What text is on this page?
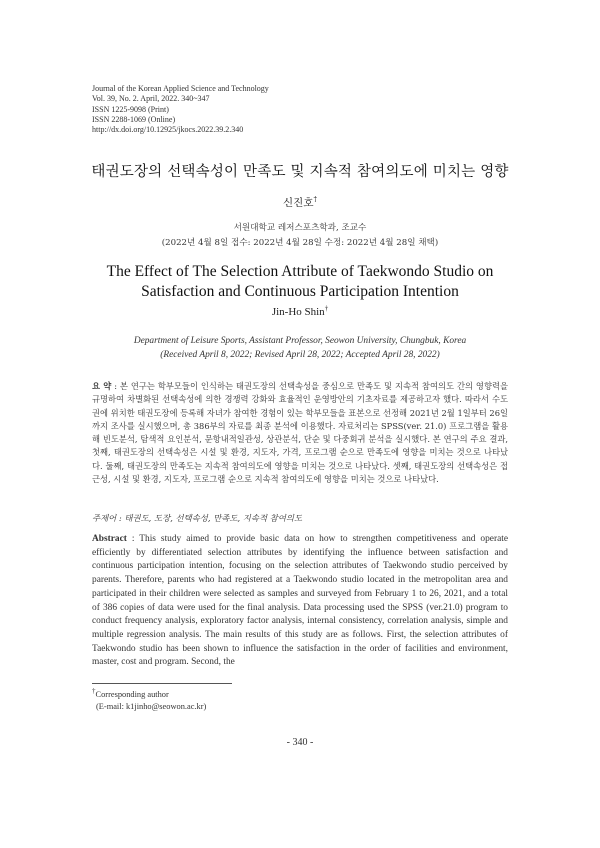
Journal of the Korean Applied Science and Technology
Vol. 39, No. 2. April, 2022. 340~347
ISSN 1225-9098 (Print)
ISSN 2288-1069 (Online)
http://dx.doi.org/10.12925/jkocs.2022.39.2.340
태권도장의 선택속성이 만족도 및 지속적 참여의도에 미치는 영향
신진호†
서원대학교 레저스포츠학과, 조교수
(2022년 4월 8일 접수: 2022년 4월 28일 수정: 2022년 4월 28일 채택)
The Effect of The Selection Attribute of Taekwondo Studio on
Satisfaction and Continuous Participation Intention
Jin-Ho Shin†
Department of Leisure Sports, Assistant Professor, Seowon University, Chungbuk, Korea
(Received April 8, 2022; Revised April 28, 2022; Accepted April 28, 2022)
요 약 : 본 연구는 학부모들이 인식하는 태권도장의 선택속성을 중심으로 만족도 및 지속적 참여의도 간의 영향력을 규명하여 차별화된 선택속성에 의한 경쟁력 강화와 효율적인 운영방안의 기초자료를 제공하고자 했다. 따라서 수도권에 위치한 태권도장에 등록해 자녀가 참여한 경험이 있는 학부모들을 표본으로 선정해 2021년 2월 1일부터 26일까지 조사를 실시했으며, 총 386부의 자료를 최종 분석에 이용했다. 자료처리는 SPSS(ver. 21.0) 프로그램을 활용해 빈도분석, 탐색적 요인분석, 문항내적일관성, 상관분석, 단순 및 다중회귀 분석을 실시했다. 본 연구의 주요 결과, 첫째, 태권도장의 선택속성은 시설 및 환경, 지도자, 가격, 프로그램 순으로 만족도에 영향을 미치는 것으로 나타났다. 둘째, 태권도장의 만족도는 지속적 참여의도에 영향을 미치는 것으로 나타났다. 셋째, 태권도장의 선택속성은 접근성, 시설 및 환경, 지도자, 프로그램 순으로 지속적 참여의도에 영향을 미치는 것으로 나타났다.
주제어 : 태권도, 도장, 선택속성, 만족도, 지속적 참여의도
Abstract : This study aimed to provide basic data on how to strengthen competitiveness and operate efficiently by differentiated selection attributes by identifying the influence between satisfaction and continuous participation intention, focusing on the selection attributes of Taekwondo studio perceived by parents. Therefore, parents who had registered at a Taekwondo studio located in the metropolitan area and participated in their children were selected as samples and surveyed from February 1 to 26, 2021, and a total of 386 copies of data were used for the final analysis. Data processing used the SPSS (ver.21.0) program to conduct frequency analysis, exploratory factor analysis, internal consistency, correlation analysis, simple and multiple regression analysis. The main results of this study are as follows. First, the selection attributes of Taekwondo studio has been shown to influence the satisfaction in the order of facilities and environment, master, cost and program. Second, the
†Corresponding author
(E-mail: k1jinho@seowon.ac.kr)
- 340 -
